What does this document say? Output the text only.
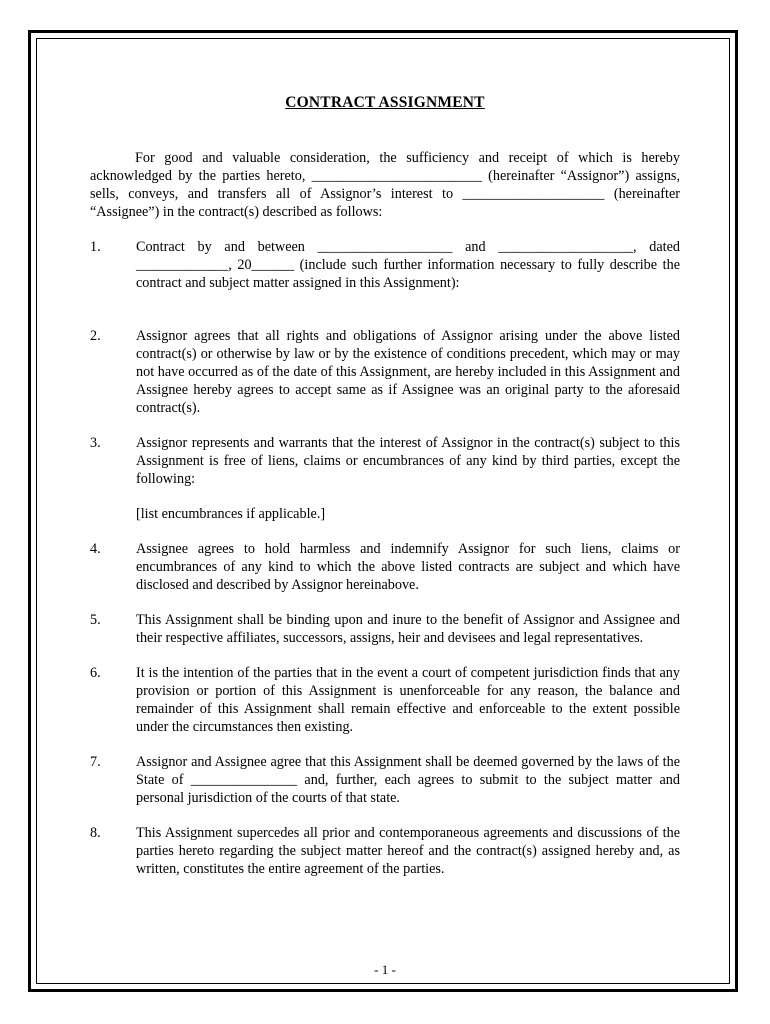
CONTRACT ASSIGNMENT

For good and valuable consideration, the sufficiency and receipt of which is hereby acknowledged by the parties hereto, ________________________ (hereinafter “Assignor”) assigns, sells, conveys, and transfers all of Assignor’s interest to ____________________ (hereinafter “Assignee”) in the contract(s) described as follows:

1.	Contract by and between ___________________ and ___________________, dated _____________, 20______ (include such further information necessary to fully describe the contract and subject matter assigned in this Assignment):
2.	Assignor agrees that all rights and obligations of Assignor arising under the above listed contract(s) or otherwise by law or by the existence of conditions precedent, which may or may not have occurred as of the date of this Assignment, are hereby included in this Assignment and Assignee hereby agrees to accept same as if Assignee was an original party to the aforesaid contract(s).
3.	Assignor represents and warrants that the interest of Assignor in the contract(s) subject to this Assignment is free of liens, claims or encumbrances of any kind by third parties, except the following:
[list encumbrances if applicable.]
4.	Assignee agrees to hold harmless and indemnify Assignor for such liens, claims or encumbrances of any kind to which the above listed contracts are subject and which have disclosed and described by Assignor hereinabove.
5.	This Assignment shall be binding upon and inure to the benefit of Assignor and Assignee and their respective affiliates, successors, assigns, heir and devisees and legal representatives.
6.	It is the intention of the parties that in the event a court of competent jurisdiction finds that any provision or portion of this Assignment is unenforceable for any reason, the balance and remainder of this Assignment shall remain effective and enforceable to the extent possible under the circumstances then existing.
7.	Assignor and Assignee agree that this Assignment shall be deemed governed by the laws of the State of _______________ and, further, each agrees to submit to the subject matter and personal jurisdiction of the courts of that state.
8.	This Assignment supercedes all prior and contemporaneous agreements and discussions of the parties hereto regarding the subject matter hereof and the contract(s) assigned hereby and, as written, constitutes the entire agreement of the parties.
- 1 -
